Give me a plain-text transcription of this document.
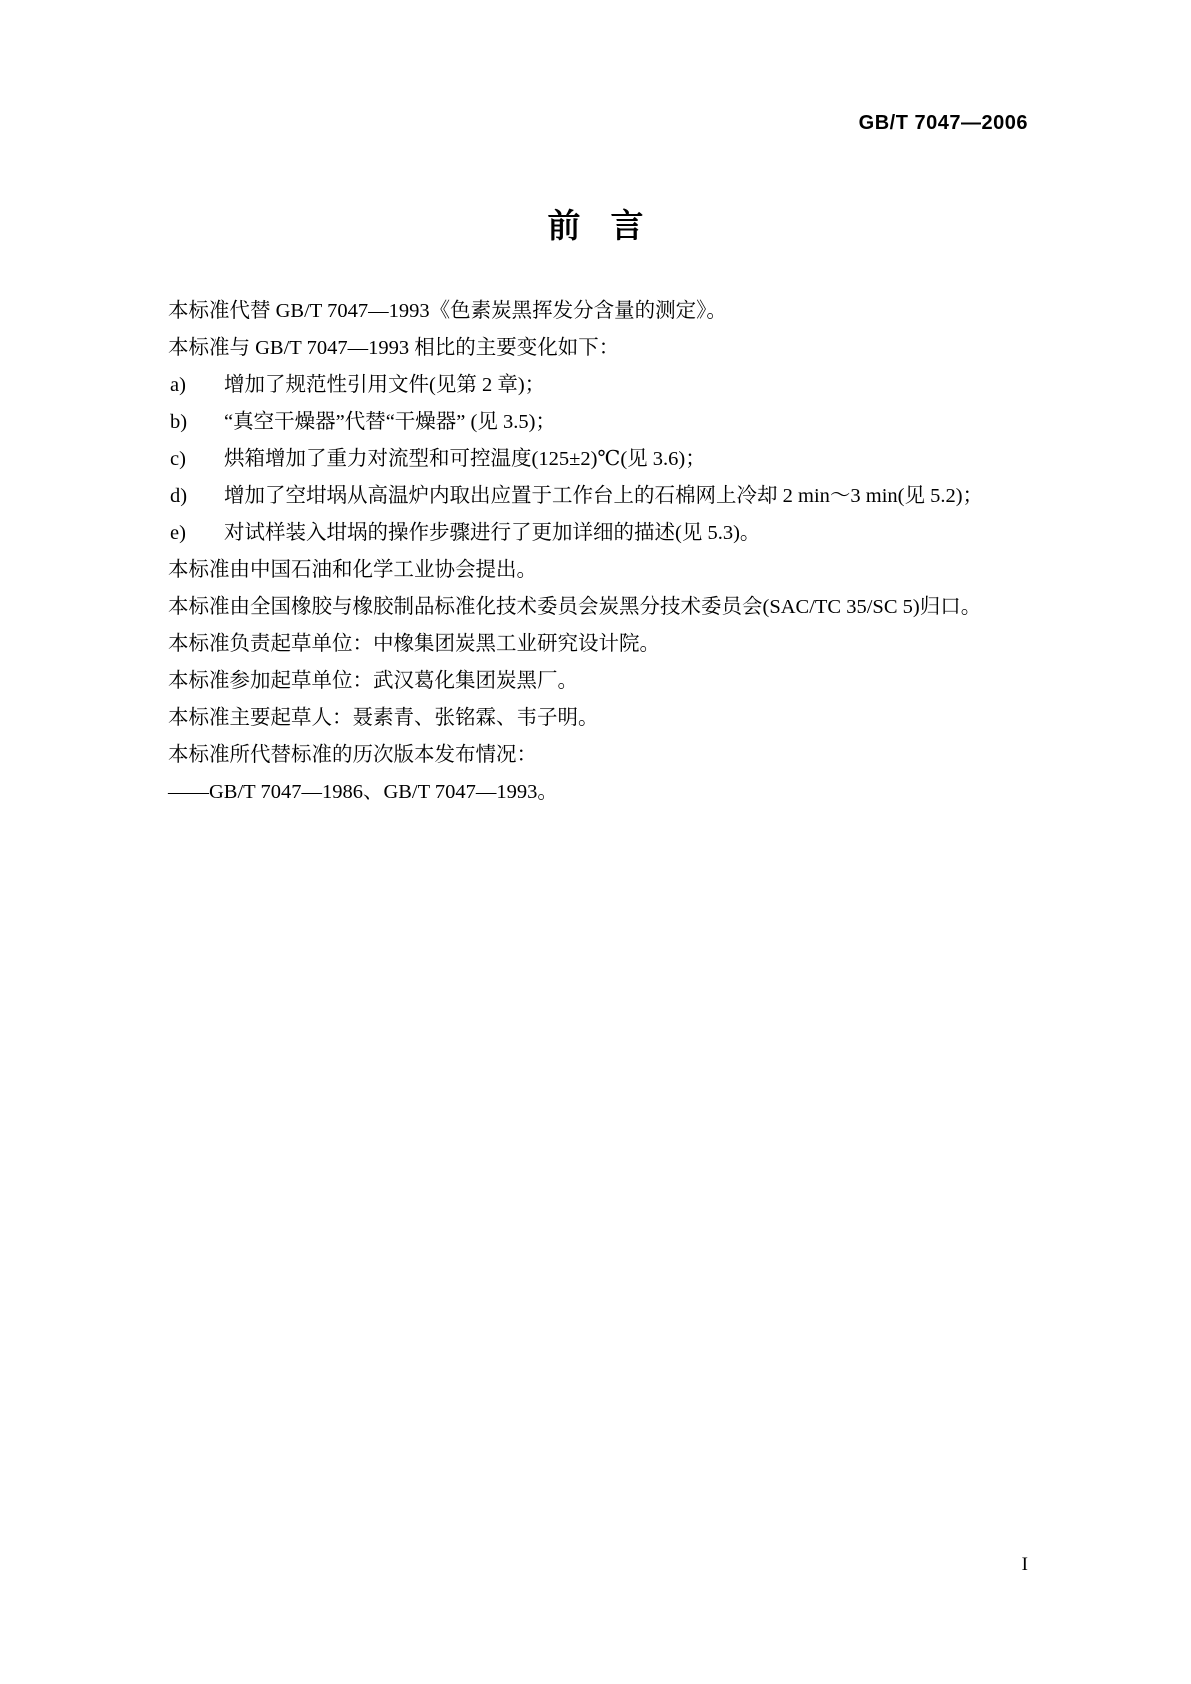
GB/T 7047—2006
前言

本标准代替 GB/T 7047—1993《色素炭黑挥发分含量的测定》。

本标准与 GB/T 7047—1993 相比的主要变化如下：

a)	增加了规范性引用文件(见第 2 章)；
b)	“真空干燥器”代替“干燥器” (见 3.5)；
c)	烘箱增加了重力对流型和可控温度(125±2)℃(见 3.6)；
d)	增加了空坩埚从高温炉内取出应置于工作台上的石棉网上冷却 2 min～3 min(见 5.2)；
e)	对试样装入坩埚的操作步骤进行了更加详细的描述(见 5.3)。

本标准由中国石油和化学工业协会提出。

本标准由全国橡胶与橡胶制品标准化技术委员会炭黑分技术委员会(SAC/TC 35/SC 5)归口。

本标准负责起草单位：中橡集团炭黑工业研究设计院。

本标准参加起草单位：武汉葛化集团炭黑厂。

本标准主要起草人：聂素青、张铭霖、韦子明。

本标准所代替标准的历次版本发布情况：

——GB/T 7047—1986、GB/T 7047—1993。

I
